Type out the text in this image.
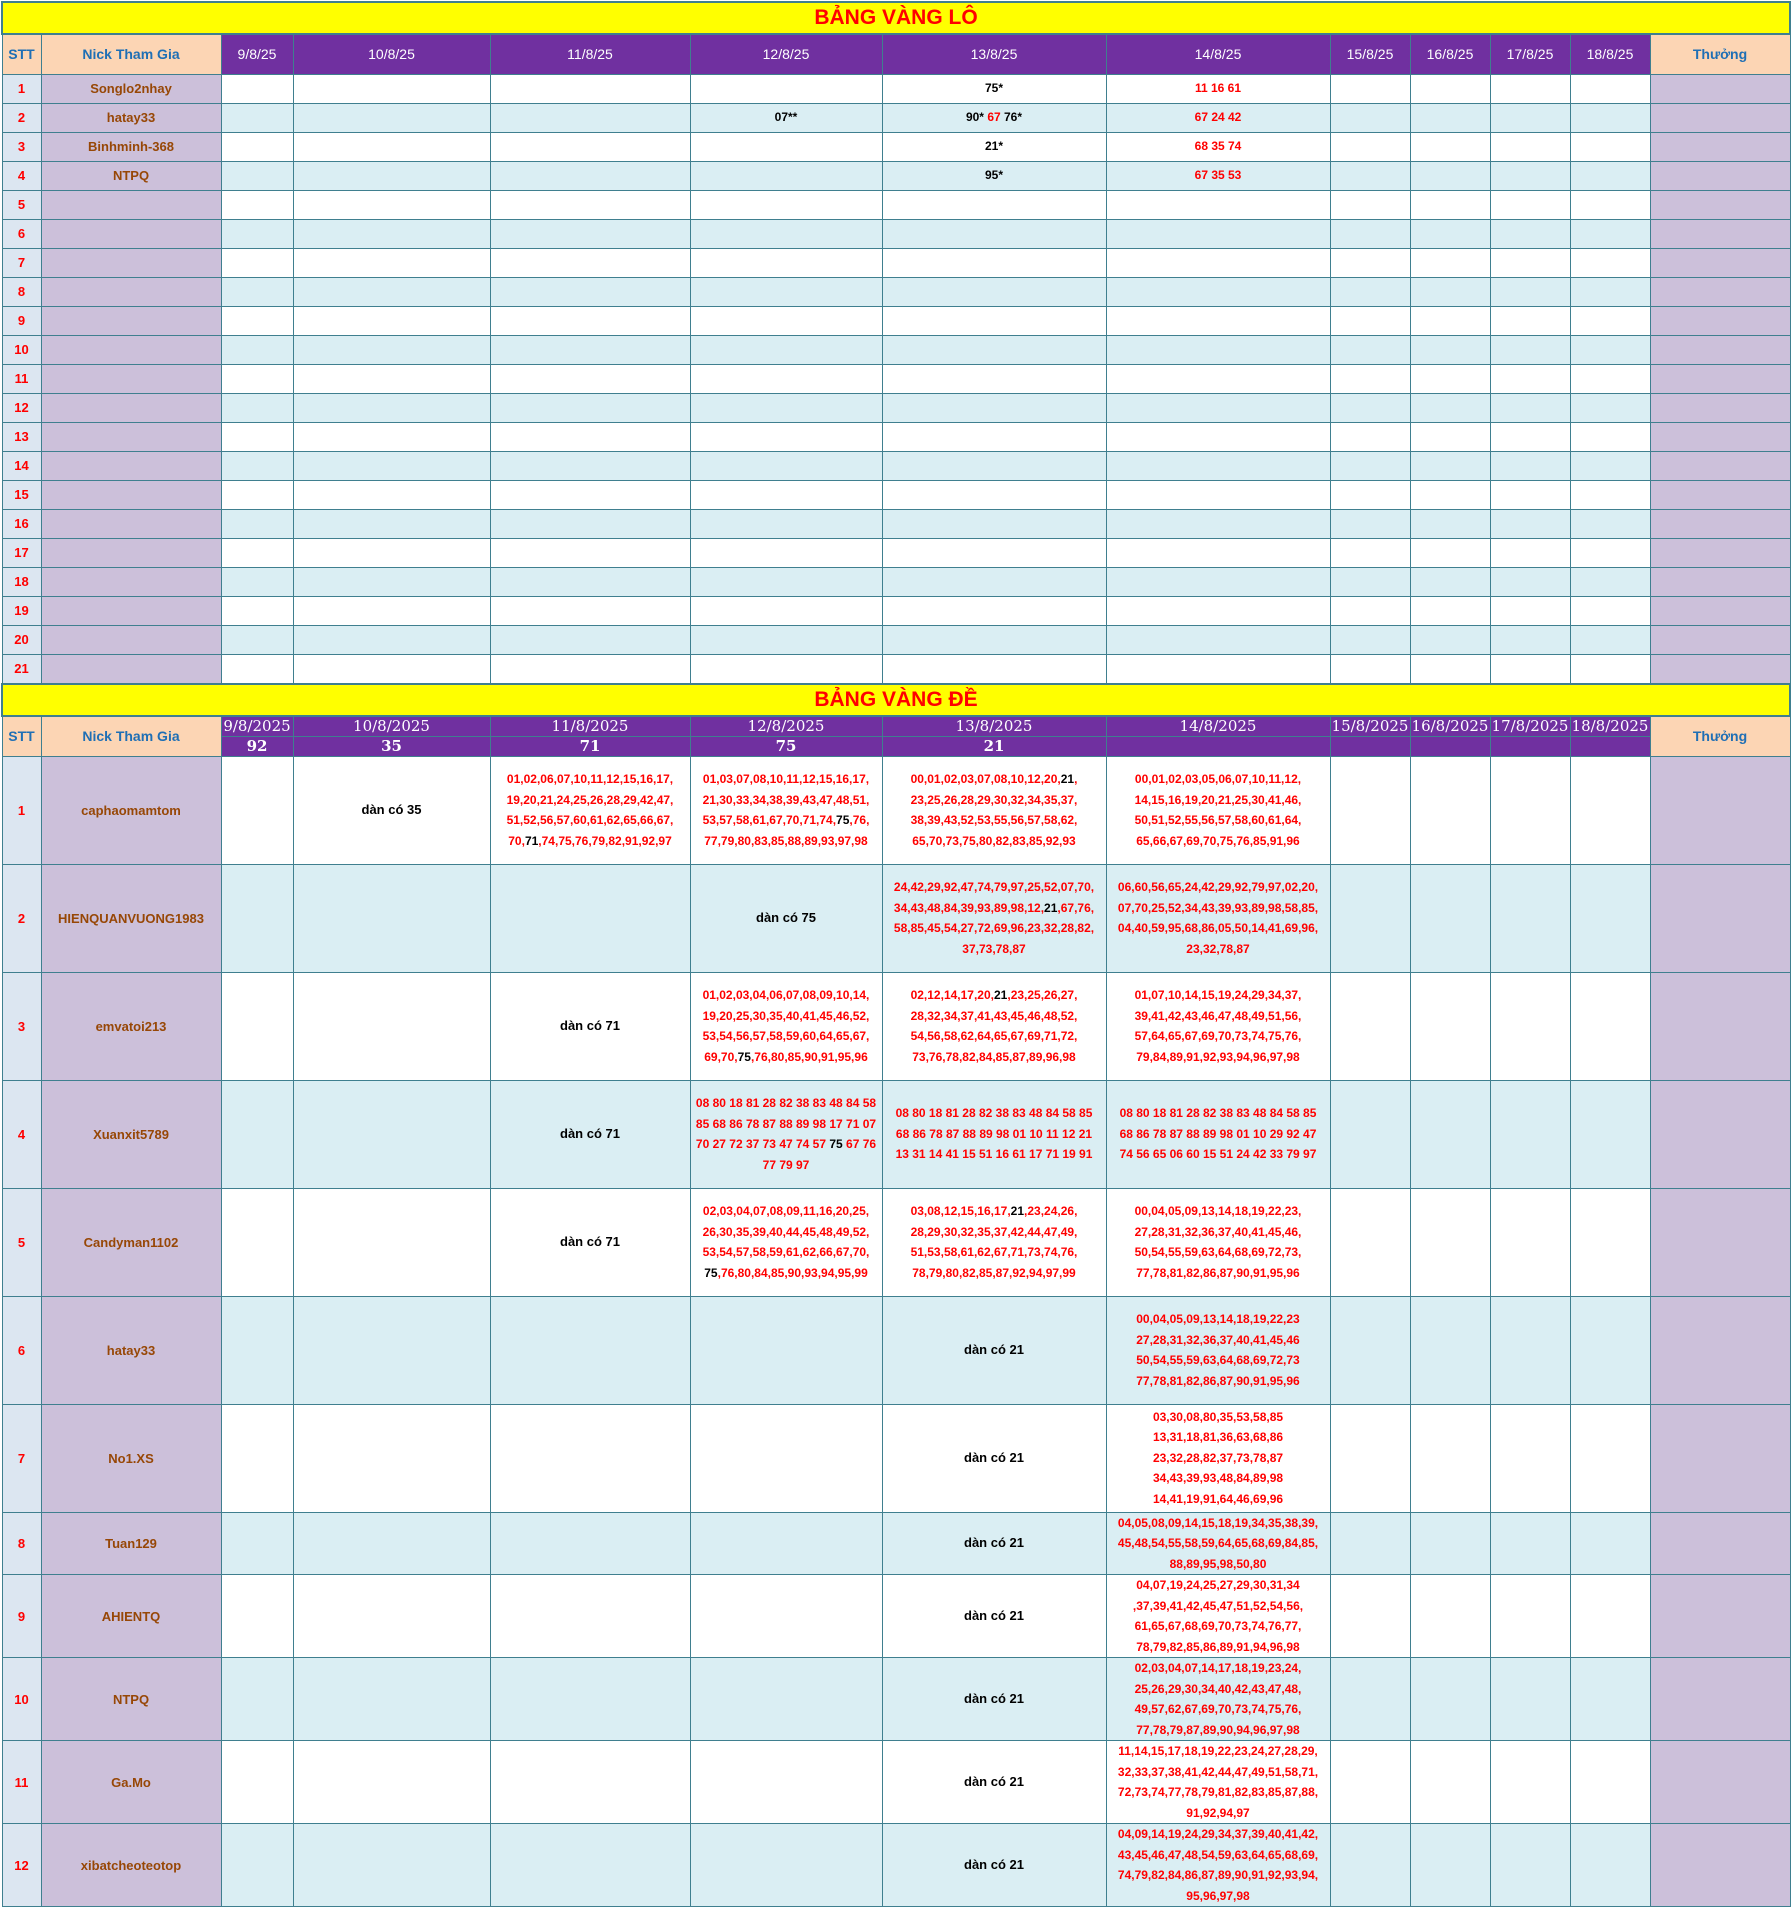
BẢNG VÀNG LÔ												
STT	Nick Tham Gia	9/8/25	10/8/25	11/8/25	12/8/25	13/8/25	14/8/25	15/8/25	16/8/25	17/8/25	18/8/25	Thưởng
1	Songlo2nhay					75*	11 16 61					
2	hatay33				07**	90* 67 76*	67 24 42					
3	Binhminh-368					21*	68 35 74					
4	NTPQ					95*	67 35 53					
5												
6												
7												
8												
9												
10												
11												
12												
13												
14												
15												
16												
17												
18												
19												
20												
21												
BẢNG VÀNG ĐỀ												
STT	Nick Tham Gia	9/8/2025	10/8/2025	11/8/2025	12/8/2025	13/8/2025	14/8/2025	15/8/2025	16/8/2025	17/8/2025	18/8/2025	Thưởng
		92	35	71	75	21						
1	caphaomamtom		dàn có 35	01,02,06,07,10,11,12,15,16,17,
19,20,21,24,25,26,28,29,42,47,
51,52,56,57,60,61,62,65,66,67,
70,71,74,75,76,79,82,91,92,97	01,03,07,08,10,11,12,15,16,17,
21,30,33,34,38,39,43,47,48,51,
53,57,58,61,67,70,71,74,75,76,
77,79,80,83,85,88,89,93,97,98	00,01,02,03,07,08,10,12,20,21,
23,25,26,28,29,30,32,34,35,37,
38,39,43,52,53,55,56,57,58,62,
65,70,73,75,80,82,83,85,92,93	00,01,02,03,05,06,07,10,11,12,
14,15,16,19,20,21,25,30,41,46,
50,51,52,55,56,57,58,60,61,64,
65,66,67,69,70,75,76,85,91,96					
2	HIENQUANVUONG1983				dàn có 75	24,42,29,92,47,74,79,97,25,52,07,70,
34,43,48,84,39,93,89,98,12,21,67,76,
58,85,45,54,27,72,69,96,23,32,28,82,
37,73,78,87	06,60,56,65,24,42,29,92,79,97,02,20,
07,70,25,52,34,43,39,93,89,98,58,85,
04,40,59,95,68,86,05,50,14,41,69,96,
23,32,78,87					
3	emvatoi213			dàn có 71	01,02,03,04,06,07,08,09,10,14,
19,20,25,30,35,40,41,45,46,52,
53,54,56,57,58,59,60,64,65,67,
69,70,75,76,80,85,90,91,95,96	02,12,14,17,20,21,23,25,26,27,
28,32,34,37,41,43,45,46,48,52,
54,56,58,62,64,65,67,69,71,72,
73,76,78,82,84,85,87,89,96,98	01,07,10,14,15,19,24,29,34,37,
39,41,42,43,46,47,48,49,51,56,
57,64,65,67,69,70,73,74,75,76,
79,84,89,91,92,93,94,96,97,98					
4	Xuanxit5789			dàn có 71	08 80 18 81 28 82 38 83 48 84 58
85 68 86 78 87 88 89 98 17 71 07
70 27 72 37 73 47 74 57 75 67 76
77 79 97	08 80 18 81 28 82 38 83 48 84 58 85
68 86 78 87 88 89 98 01 10 11 12 21
13 31 14 41 15 51 16 61 17 71 19 91	08 80 18 81 28 82 38 83 48 84 58 85
68 86 78 87 88 89 98 01 10 29 92 47
74 56 65 06 60 15 51 24 42 33 79 97					
5	Candyman1102			dàn có 71	02,03,04,07,08,09,11,16,20,25,
26,30,35,39,40,44,45,48,49,52,
53,54,57,58,59,61,62,66,67,70,
75,76,80,84,85,90,93,94,95,99	03,08,12,15,16,17,21,23,24,26,
28,29,30,32,35,37,42,44,47,49,
51,53,58,61,62,67,71,73,74,76,
78,79,80,82,85,87,92,94,97,99	00,04,05,09,13,14,18,19,22,23,
27,28,31,32,36,37,40,41,45,46,
50,54,55,59,63,64,68,69,72,73,
77,78,81,82,86,87,90,91,95,96					
6	hatay33					dàn có 21	00,04,05,09,13,14,18,19,22,23
27,28,31,32,36,37,40,41,45,46
50,54,55,59,63,64,68,69,72,73
77,78,81,82,86,87,90,91,95,96					
7	No1.XS					dàn có 21	03,30,08,80,35,53,58,85
13,31,18,81,36,63,68,86
23,32,28,82,37,73,78,87
34,43,39,93,48,84,89,98
14,41,19,91,64,46,69,96					
8	Tuan129					dàn có 21	04,05,08,09,14,15,18,19,34,35,38,39,
45,48,54,55,58,59,64,65,68,69,84,85,
88,89,95,98,50,80					
9	AHIENTQ					dàn có 21	04,07,19,24,25,27,29,30,31,34
,37,39,41,42,45,47,51,52,54,56,
61,65,67,68,69,70,73,74,76,77,
78,79,82,85,86,89,91,94,96,98					
10	NTPQ					dàn có 21	02,03,04,07,14,17,18,19,23,24,
25,26,29,30,34,40,42,43,47,48,
49,57,62,67,69,70,73,74,75,76,
77,78,79,87,89,90,94,96,97,98					
11	Ga.Mo					dàn có 21	11,14,15,17,18,19,22,23,24,27,28,29,
32,33,37,38,41,42,44,47,49,51,58,71,
72,73,74,77,78,79,81,82,83,85,87,88,
91,92,94,97					
12	xibatcheoteotop					dàn có 21	04,09,14,19,24,29,34,37,39,40,41,42,
43,45,46,47,48,54,59,63,64,65,68,69,
74,79,82,84,86,87,89,90,91,92,93,94,
95,96,97,98					
